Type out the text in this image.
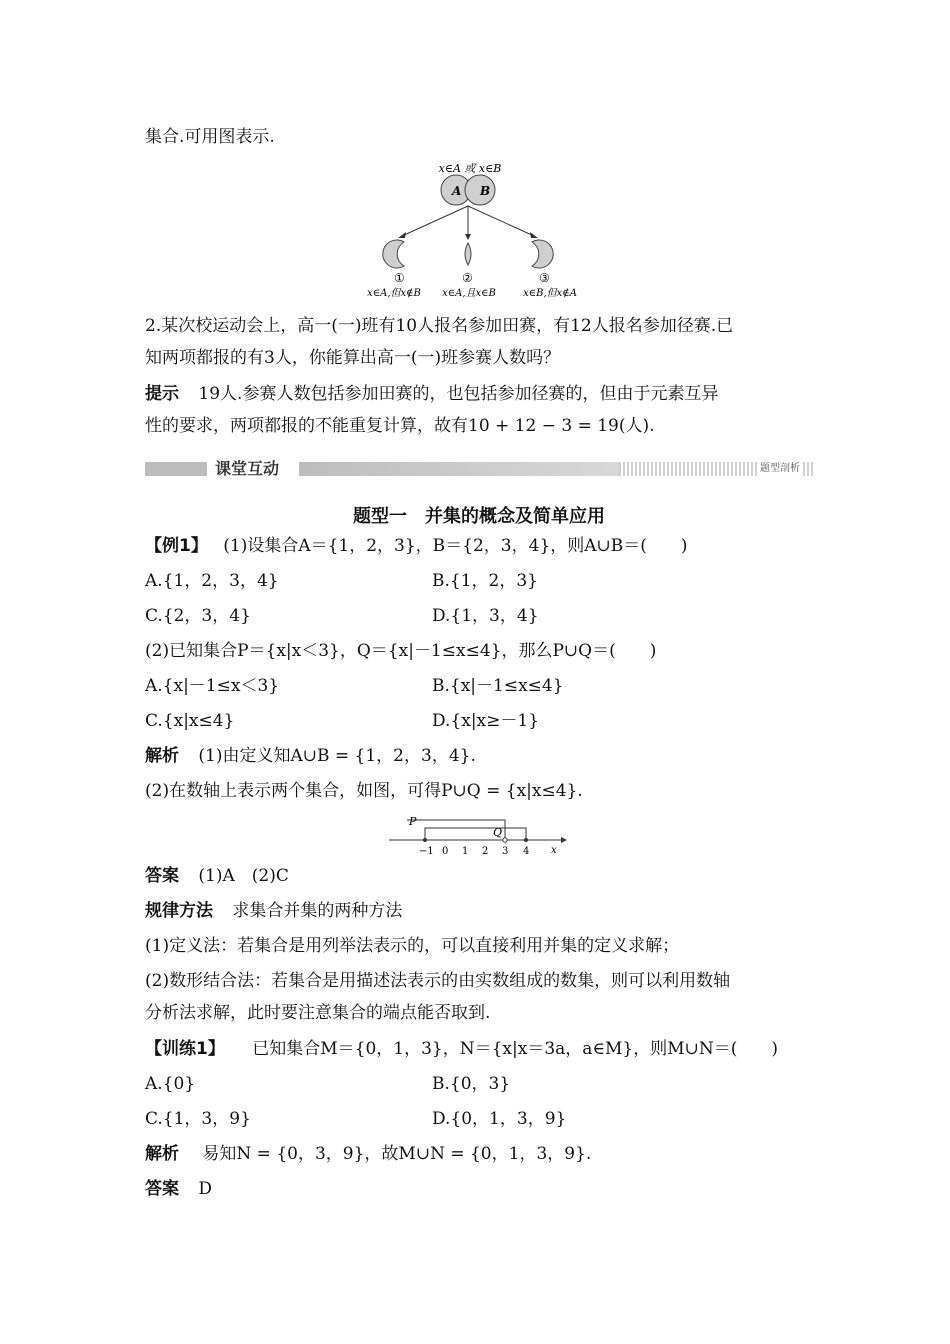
集合.可用图表示.
x∈A 或 x∈B
A B
①	②	③
x∈A,但x∉B x∈A,且x∈B	x∈B,但x∉A
2.某次校运动会上，高一(一)班有10人报名参加田赛，有12人报名参加径赛.已
知两项都报的有3人，你能算出高一(一)班参赛人数吗？
提示 19人.参赛人数包括参加田赛的，也包括参加径赛的，但由于元素互异
性的要求，两项都报的不能重复计算，故有10 + 12 − 3 = 19(人).
课堂互动	题型剖析
题型一　并集的概念及简单应用
【例1】 (1)设集合A＝{1，2，3}，B＝{2，3，4}，则A∪B＝(　　)
A.{1，2，3，4}	B.{1，2，3}
C.{2，3，4}	D.{1，3，4}
(2)已知集合P＝{x|x＜3}，Q＝{x|－1≤x≤4}，那么P∪Q＝(　　)
A.{x|－1≤x＜3}	B.{x|－1≤x≤4}
C.{x|x≤4}	D.{x|x≥－1}
解析 (1)由定义知A∪B = {1，2，3，4}.
(2)在数轴上表示两个集合，如图，可得P∪Q = {x|x≤4}.
P
Q
−1 0 1 2 3 4 x
答案 (1)A　(2)C
规律方法 求集合并集的两种方法
(1)定义法：若集合是用列举法表示的，可以直接利用并集的定义求解；
(2)数形结合法：若集合是用描述法表示的由实数组成的数集，则可以利用数轴
分析法求解，此时要注意集合的端点能否取到.
【训练1】 已知集合M＝{0，1，3}，N＝{x|x＝3a，a∈M}，则M∪N＝(　　)
A.{0}	B.{0，3}
C.{1，3，9}	D.{0，1，3，9}
解析 易知N = {0，3，9}，故M∪N = {0，1，3，9}.
答案 D
